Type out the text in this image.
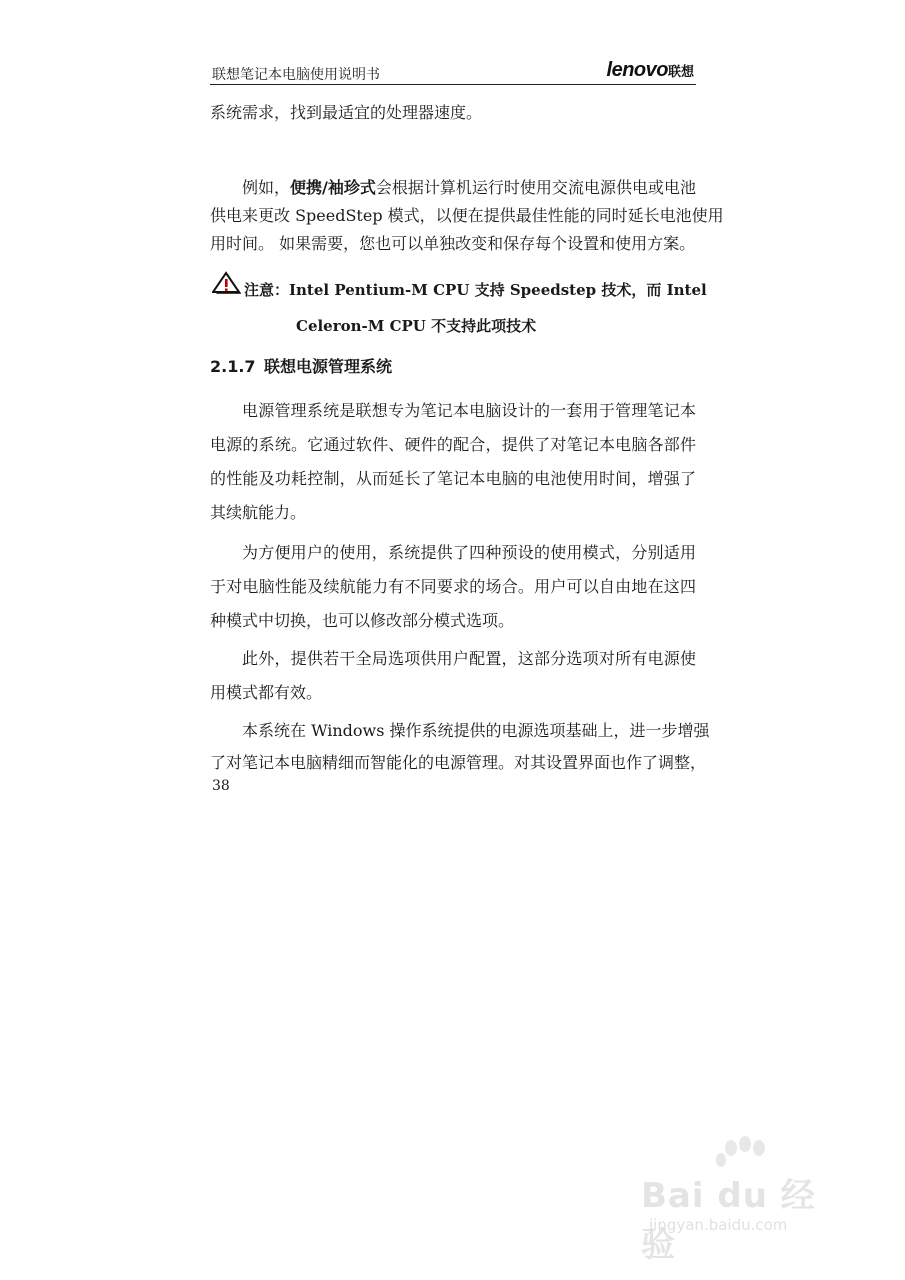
联想笔记本电脑使用说明书	lenovo 联想
系统需求，找到最适宜的处理器速度。
例如，便携/袖珍式会根据计算机运行时使用交流电源供电或电池
供电来更改 SpeedStep 模式，以便在提供最佳性能的同时延长电池使用
用时间。 如果需要，您也可以单独改变和保存每个设置和使用方案。
注意：Intel Pentium-M CPU 支持 Speedstep 技术，而 Intel
Celeron-M CPU 不支持此项技术
2.1.7 联想电源管理系统
电源管理系统是联想专为笔记本电脑设计的一套用于管理笔记本
电源的系统。它通过软件、硬件的配合，提供了对笔记本电脑各部件
的性能及功耗控制，从而延长了笔记本电脑的电池使用时间，增强了
其续航能力。
为方便用户的使用，系统提供了四种预设的使用模式，分别适用
于对电脑性能及续航能力有不同要求的场合。用户可以自由地在这四
种模式中切换，也可以修改部分模式选项。
此外，提供若干全局选项供用户配置，这部分选项对所有电源使
用模式都有效。
本系统在 Windows 操作系统提供的电源选项基础上，进一步增强
了对笔记本电脑精细而智能化的电源管理。对其设置界面也作了调整，
38
Bai du 经验
jingyan.baidu.com
